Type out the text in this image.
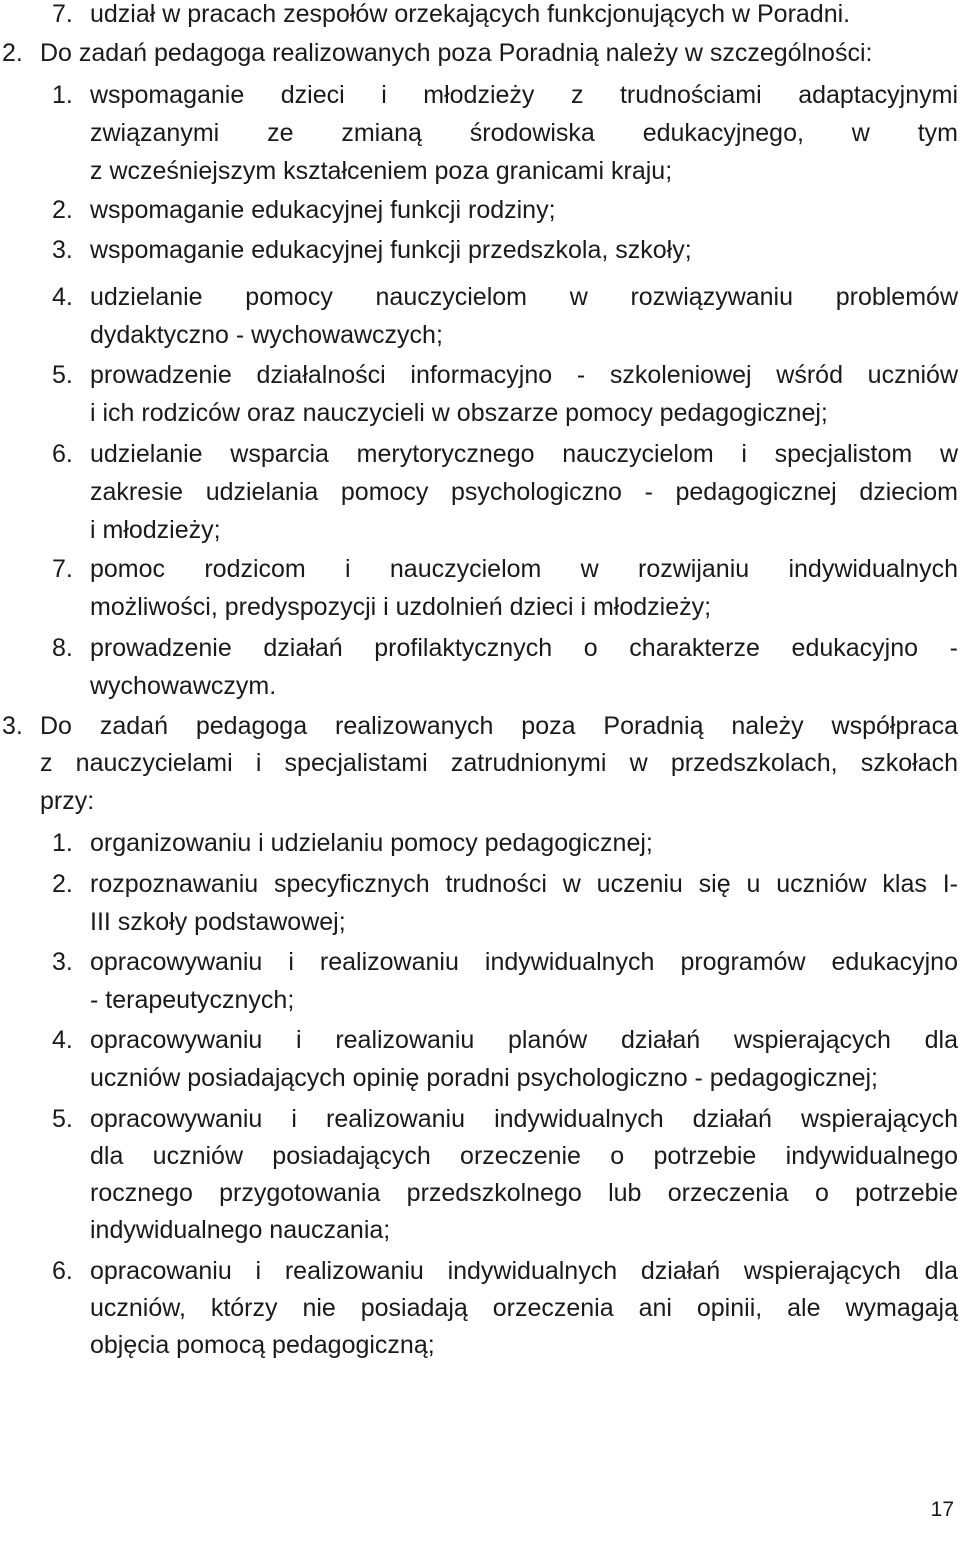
7. udział w pracach zespołów orzekających funkcjonujących w Poradni.
2. Do zadań pedagoga realizowanych poza Poradnią należy w szczególności:
1. wspomaganie dzieci i młodzieży z trudnościami adaptacyjnymi
związanymi ze zmianą środowiska edukacyjnego, w tym
z wcześniejszym kształceniem poza granicami kraju;
2. wspomaganie edukacyjnej funkcji rodziny;
3. wspomaganie edukacyjnej funkcji przedszkola, szkoły;
4. udzielanie pomocy nauczycielom w rozwiązywaniu problemów
dydaktyczno - wychowawczych;
5. prowadzenie działalności informacyjno - szkoleniowej wśród uczniów
i ich rodziców oraz nauczycieli w obszarze pomocy pedagogicznej;
6. udzielanie wsparcia merytorycznego nauczycielom i specjalistom w
zakresie udzielania pomocy psychologiczno - pedagogicznej dzieciom
i młodzieży;
7. pomoc rodzicom i nauczycielom w rozwijaniu indywidualnych
możliwości, predyspozycji i uzdolnień dzieci i młodzieży;
8. prowadzenie działań profilaktycznych o charakterze edukacyjno -
wychowawczym.
3. Do zadań pedagoga realizowanych poza Poradnią należy współpraca
z nauczycielami i specjalistami zatrudnionymi w przedszkolach, szkołach
przy:
1. organizowaniu i udzielaniu pomocy pedagogicznej;
2. rozpoznawaniu specyficznych trudności w uczeniu się u uczniów klas I-
III szkoły podstawowej;
3. opracowywaniu i realizowaniu indywidualnych programów edukacyjno
- terapeutycznych;
4. opracowywaniu i realizowaniu planów działań wspierających dla
uczniów posiadających opinię poradni psychologiczno - pedagogicznej;
5. opracowywaniu i realizowaniu indywidualnych działań wspierających
dla uczniów posiadających orzeczenie o potrzebie indywidualnego
rocznego przygotowania przedszkolnego lub orzeczenia o potrzebie
indywidualnego nauczania;
6. opracowaniu i realizowaniu indywidualnych działań wspierających dla
uczniów, którzy nie posiadają orzeczenia ani opinii, ale wymagają
objęcia pomocą pedagogiczną;
17
